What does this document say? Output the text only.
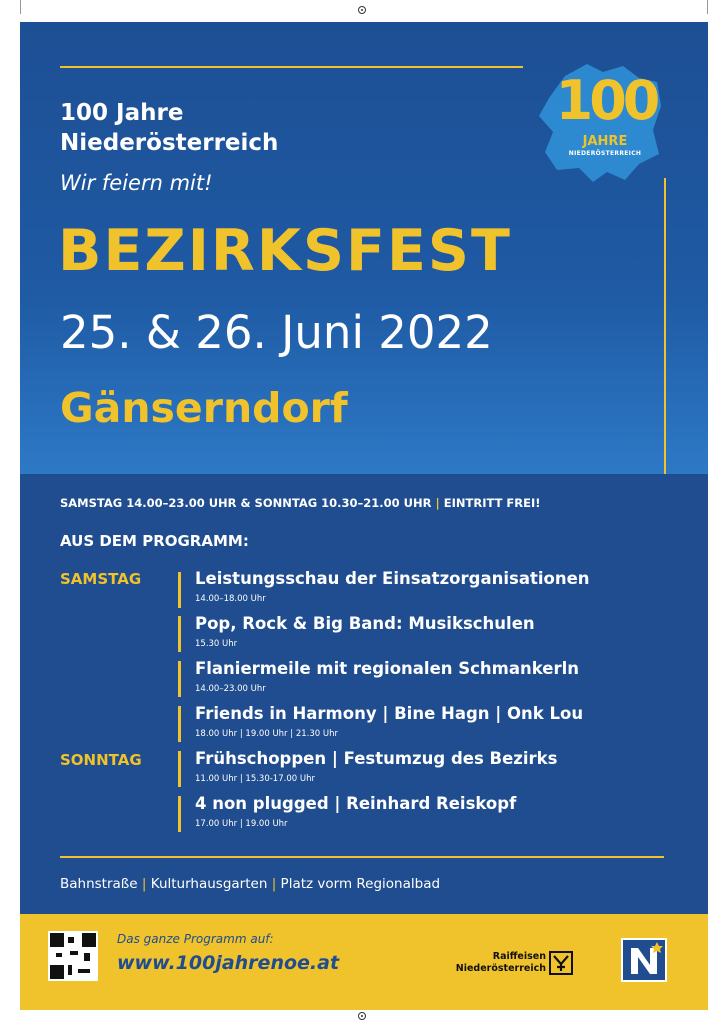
100
JAHRE
NIEDERÖSTERREICH
100 Jahre
Niederösterreich
Wir feiern mit!
BEZIRKSFEST
25. & 26. Juni 2022
Gänserndorf
SAMSTAG 14.00–23.00 UHR & SONNTAG 10.30–21.00 UHR | EINTRITT FREI!
AUS DEM PROGRAMM:
SAMSTAG	Leistungsschau der Einsatzorganisationen
14.00–18.00 Uhr
Pop, Rock & Big Band: Musikschulen
15.30 Uhr
Flaniermeile mit regionalen Schmankerln
14.00–23.00 Uhr
Friends in Harmony | Bine Hagn | Onk Lou
18.00 Uhr | 19.00 Uhr | 21.30 Uhr
SONNTAG	Frühschoppen | Festumzug des Bezirks
11.00 Uhr | 15.30-17.00 Uhr
4 non plugged | Reinhard Reiskopf
17.00 Uhr | 19.00 Uhr
Bahnstraße | Kulturhausgarten | Platz vorm Regionalbad
Das ganze Programm auf:
www.100jahrenoe.at	Raiffeisen
Niederösterreich
